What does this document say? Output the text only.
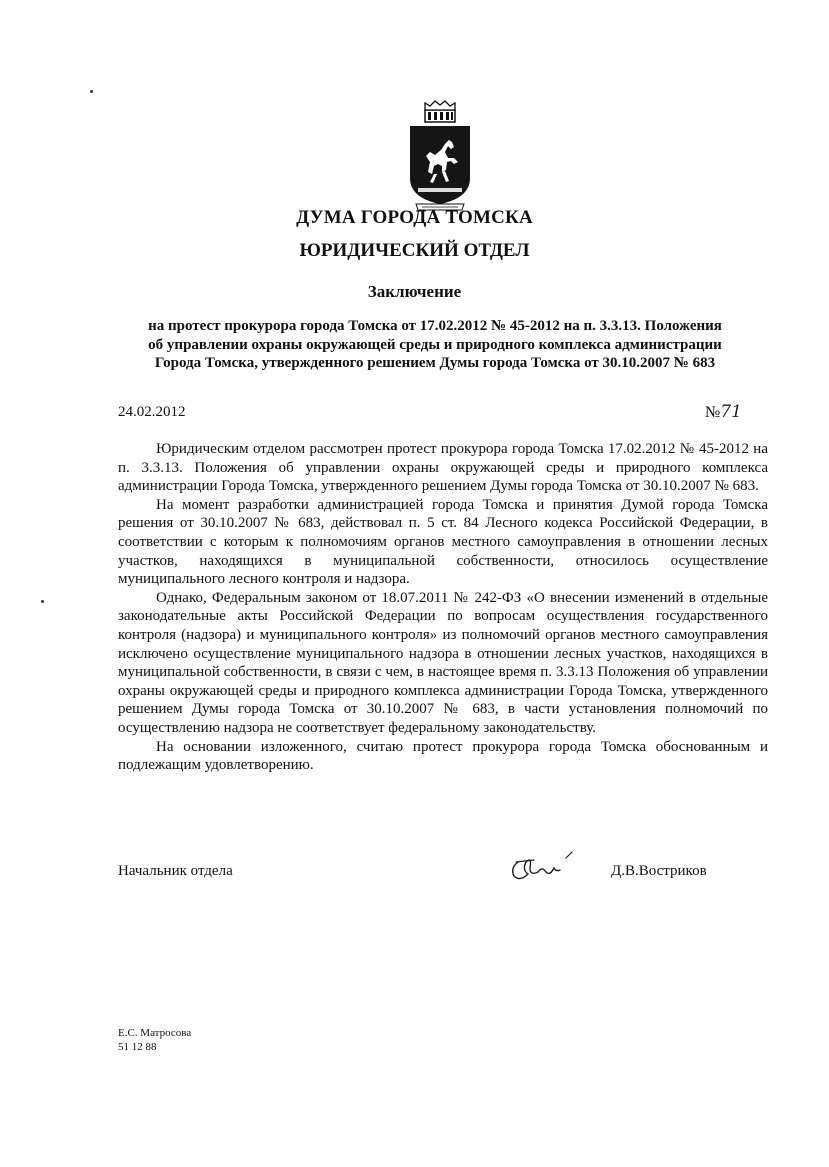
ДУМА ГОРОДА ТОМСКА
ЮРИДИЧЕСКИЙ ОТДЕЛ
Заключение
на протест прокурора города Томска от 17.02.2012 № 45-2012 на п. 3.3.13. Положения
об управлении охраны окружающей среды и природного комплекса администрации
Города Томска, утвержденного решением Думы города Томска от 30.10.2007 № 683
24.02.2012	№71

Юридическим отделом рассмотрен протест прокурора города Томска 17.02.2012 № 45-2012 на п. 3.3.13. Положения об управлении охраны окружающей среды и природного комплекса администрации Города Томска, утвержденного решением Думы города Томска от 30.10.2007 № 683.

На момент разработки администрацией города Томска и принятия Думой города Томска решения от 30.10.2007 № 683, действовал п. 5 ст. 84 Лесного кодекса Российской Федерации, в соответствии с которым к полномочиям органов местного самоуправления в отношении лесных участков, находящихся в муниципальной собственности, относилось осуществление муниципального лесного контроля и надзора.

Однако, Федеральным законом от 18.07.2011 № 242-ФЗ «О внесении изменений в отдельные законодательные акты Российской Федерации по вопросам осуществления государственного контроля (надзора) и муниципального контроля» из полномочий органов местного самоуправления исключено осуществление муниципального надзора в отношении лесных участков, находящихся в муниципальной собственности, в связи с чем, в настоящее время п. 3.3.13 Положения об управлении охраны окружающей среды и природного комплекса администрации Города Томска, утвержденного решением Думы города Томска от 30.10.2007 № 683, в части установления полномочий по осуществлению надзора не соответствует федеральному законодательству.

На основании изложенного, считаю протест прокурора города Томска обоснованным и подлежащим удовлетворению.

Начальник отдела	Д.В.Востриков
Е.С. Матросова
51 12 88
